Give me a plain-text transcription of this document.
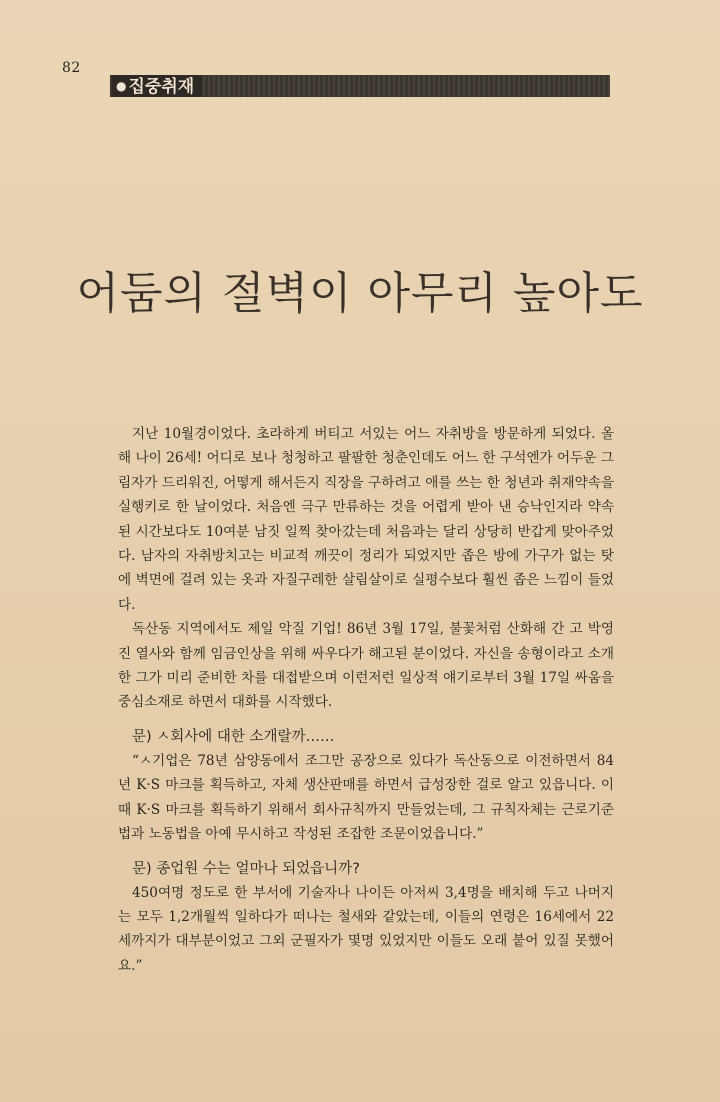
82
● 집중취재
어둠의 절벽이 아무리 높아도

지난 10월경이었다. 초라하게 버티고 서있는 어느 자취방을 방문하게 되었다. 올해 나이 26세! 어디로 보나 청청하고 팔팔한 청춘인데도 어느 한 구석엔가 어두운 그림자가 드리워진, 어떻게 해서든지 직장을 구하려고 애를 쓰는 한 청년과 취재약속을 실행키로 한 날이었다. 처음엔 극구 만류하는 것을 어렵게 받아 낸 승낙인지라 약속된 시간보다도 10여분 남짓 일찍 찾아갔는데 처음과는 달리 상당히 반갑게 맞아주었다. 남자의 자취방치고는 비교적 깨끗이 정리가 되었지만 좁은 방에 가구가 없는 탓에 벽면에 걸려 있는 옷과 자질구레한 살림살이로 실평수보다 훨씬 좁은 느낌이 들었다.

독산동 지역에서도 제일 악질 기업! 86년 3월 17일, 불꽃처럼 산화해 간 고 박영진 열사와 함께 임금인상을 위해 싸우다가 해고된 분이었다. 자신을 송형이라고 소개한 그가 미리 준비한 차를 대접받으며 이런저런 일상적 얘기로부터 3월 17일 싸움을 중심소재로 하면서 대화를 시작했다.

문) ㅅ회사에 대한 소개랄까……

“ㅅ기업은 78년 삼양동에서 조그만 공장으로 있다가 독산동으로 이전하면서 84년 K·S 마크를 획득하고, 자체 생산판매를 하면서 급성장한 걸로 알고 있읍니다. 이 때 K·S 마크를 획득하기 위해서 회사규칙까지 만들었는데, 그 규칙자체는 근로기준법과 노동법을 아예 무시하고 작성된 조잡한 조문이었읍니다.”

문) 종업원 수는 얼마나 되었읍니까?

450여명 정도로 한 부서에 기술자나 나이든 아저씨 3,4명을 배치해 두고 나머지는 모두 1,2개월씩 일하다가 떠나는 철새와 같았는데, 이들의 연령은 16세에서 22세까지가 대부분이었고 그외 군필자가 몇명 있었지만 이들도 오래 붙어 있질 못했어요.”
